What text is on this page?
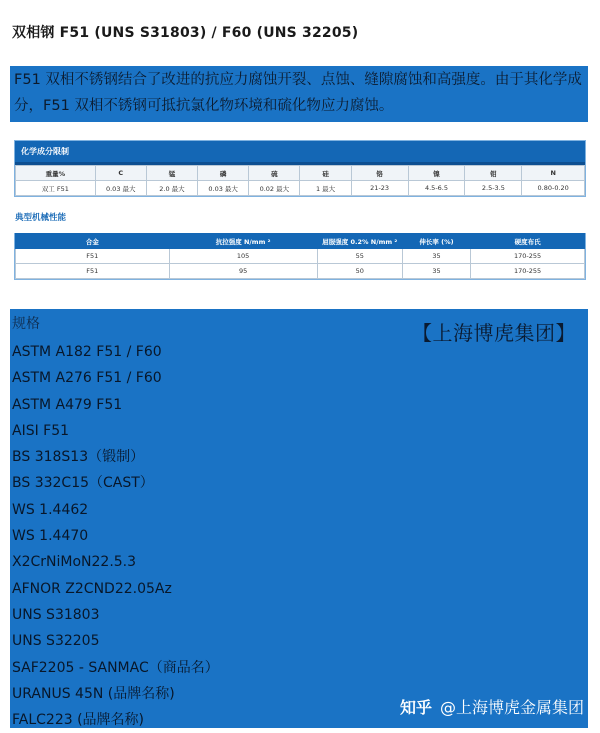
双相钢 F51 (UNS S31803) / F60 (UNS 32205)
F51 双相不锈钢结合了改进的抗应力腐蚀开裂、点蚀、缝隙腐蚀和高强度。由于其化学成分，F51 双相不锈钢可抵抗氯化物环境和硫化物应力腐蚀。
化学成分限制
重量%	C	锰	磷	硫	硅	铬	镍	钼	N
双工 F51	0.03 最大	2.0 最大	0.03 最大	0.02 最大	1 最大	21-23	4.5-6.5	2.5-3.5	0.80-0.20
典型机械性能
合金	抗拉强度 N/mm ²	屈服强度 0.2% N/mm ²	伸长率 (%)	硬度布氏
F51	105	55	35	170-255
F51	95	50	35	170-255
规格	【上海博虎集团】
ASTM A182 F51 / F60
ASTM A276 F51 / F60
ASTM A479 F51
AISI F51
BS 318S13（锻制）
BS 332C15（CAST）
WS 1.4462
WS 1.4470
X2CrNiMoN22.5.3
AFNOR Z2CND22.05Az
UNS S31803
UNS S32205
SAF2205 - SANMAC（商品名）
URANUS 45N (品牌名称)
FALC223 (品牌名称)
知乎 @上海博虎金属集团
